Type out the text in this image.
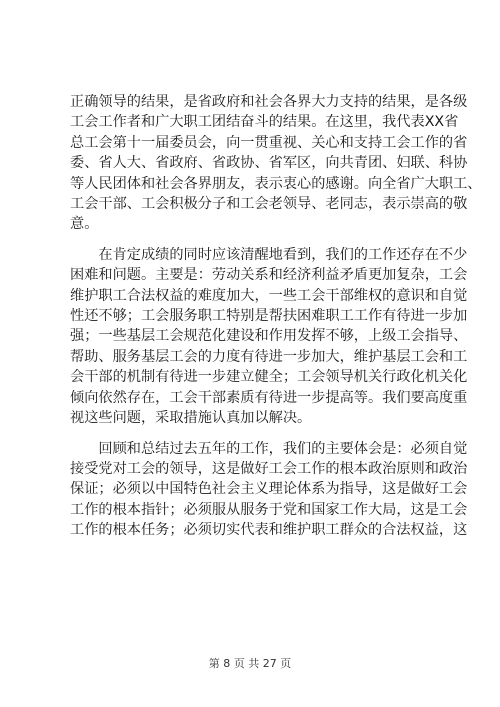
正确领导的结果，是省政府和社会各界大力支持的结果，是各级
工会工作者和广大职工团结奋斗的结果。在这里，我代表XX省
总工会第十一届委员会，向一贯重视、关心和支持工会工作的省
委、省人大、省政府、省政协、省军区，向共青团、妇联、科协
等人民团体和社会各界朋友，表示衷心的感谢。向全省广大职工、
工会干部、工会积极分子和工会老领导、老同志，表示崇高的敬
意。
　　在肯定成绩的同时应该清醒地看到，我们的工作还存在不少
困难和问题。主要是：劳动关系和经济利益矛盾更加复杂，工会
维护职工合法权益的难度加大，一些工会干部维权的意识和自觉
性还不够；工会服务职工特别是帮扶困难职工工作有待进一步加
强；一些基层工会规范化建设和作用发挥不够，上级工会指导、
帮助、服务基层工会的力度有待进一步加大，维护基层工会和工
会干部的机制有待进一步建立健全；工会领导机关行政化机关化
倾向依然存在，工会干部素质有待进一步提高等。我们要高度重
视这些问题，采取措施认真加以解决。
　　回顾和总结过去五年的工作，我们的主要体会是：必须自觉
接受党对工会的领导，这是做好工会工作的根本政治原则和政治
保证；必须以中国特色社会主义理论体系为指导，这是做好工会
工作的根本指针；必须服从服务于党和国家工作大局，这是工会
工作的根本任务；必须切实代表和维护职工群众的合法权益，这
第 8 页 共 27 页
